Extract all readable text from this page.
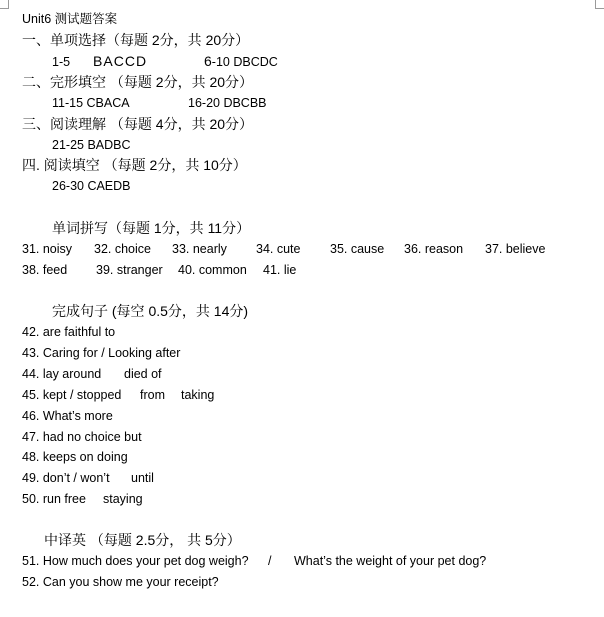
Unit6 测试题答案
一、单项选择（每题 2分，共 20分）
1-5 BACCD	6-10 DBCDC
二、完形填空 （每题 2分，共 20分）
11-15 CBACA	16-20 DBCBB
三、阅读理解 （每题 4分，共 20分）
21-25 BADBC
四. 阅读填空 （每题 2分，共 10分）
26-30 CAEDB
单词拼写（每题 1分，共 11分）
31. noisy 32. choice 33. nearly 34. cute 35. cause 36. reason 37. believe
38. feed 39. stranger 40. common 41. lie
完成句子 (每空 0.5分，共 14分)
42. are faithful to
43. Caring for / Looking after
44. lay around died of
45. kept / stopped from taking
46. What’s more
47. had no choice but
48. keeps on doing
49. don’t / won’t until
50. run free staying
中译英 （每题 2.5分， 共 5分）
51. How much does your pet dog weigh? / What’s the weight of your pet dog?
52. Can you show me your receipt?
